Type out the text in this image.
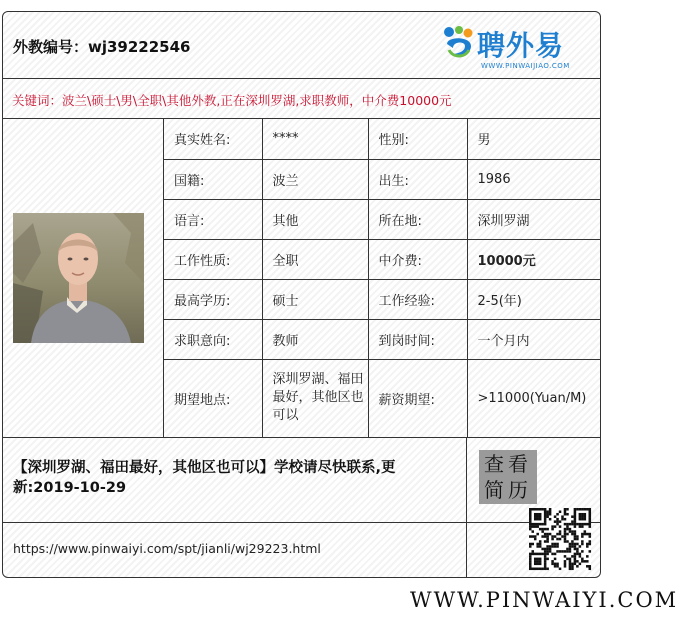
外教编号：wj39222546	聘外易
WWW.PINWAIJIAO.COM
关键词：波兰\硕士\男\全职\其他外教,正在深圳罗湖,求职教师，中介费10000元
真实姓名:	****	性别:	男
国籍:	波兰	出生:	1986
语言:	其他	所在地:	深圳罗湖
工作性质:	全职	中介费:	10000元
最高学历:	硕士	工作经验:	2-5(年)
求职意向:	教师	到岗时间:	一个月内
期望地点:	深圳罗湖、福田最好，其他区也可以	薪资期望:	>11000(Yuan/M)
【深圳罗湖、福田最好，其他区也可以】学校请尽快联系,更新:2019-10-29
https://www.pinwaiyi.com/spt/jianli/wj29223.html
查看简历
WWW.PINWAIYI.COM
